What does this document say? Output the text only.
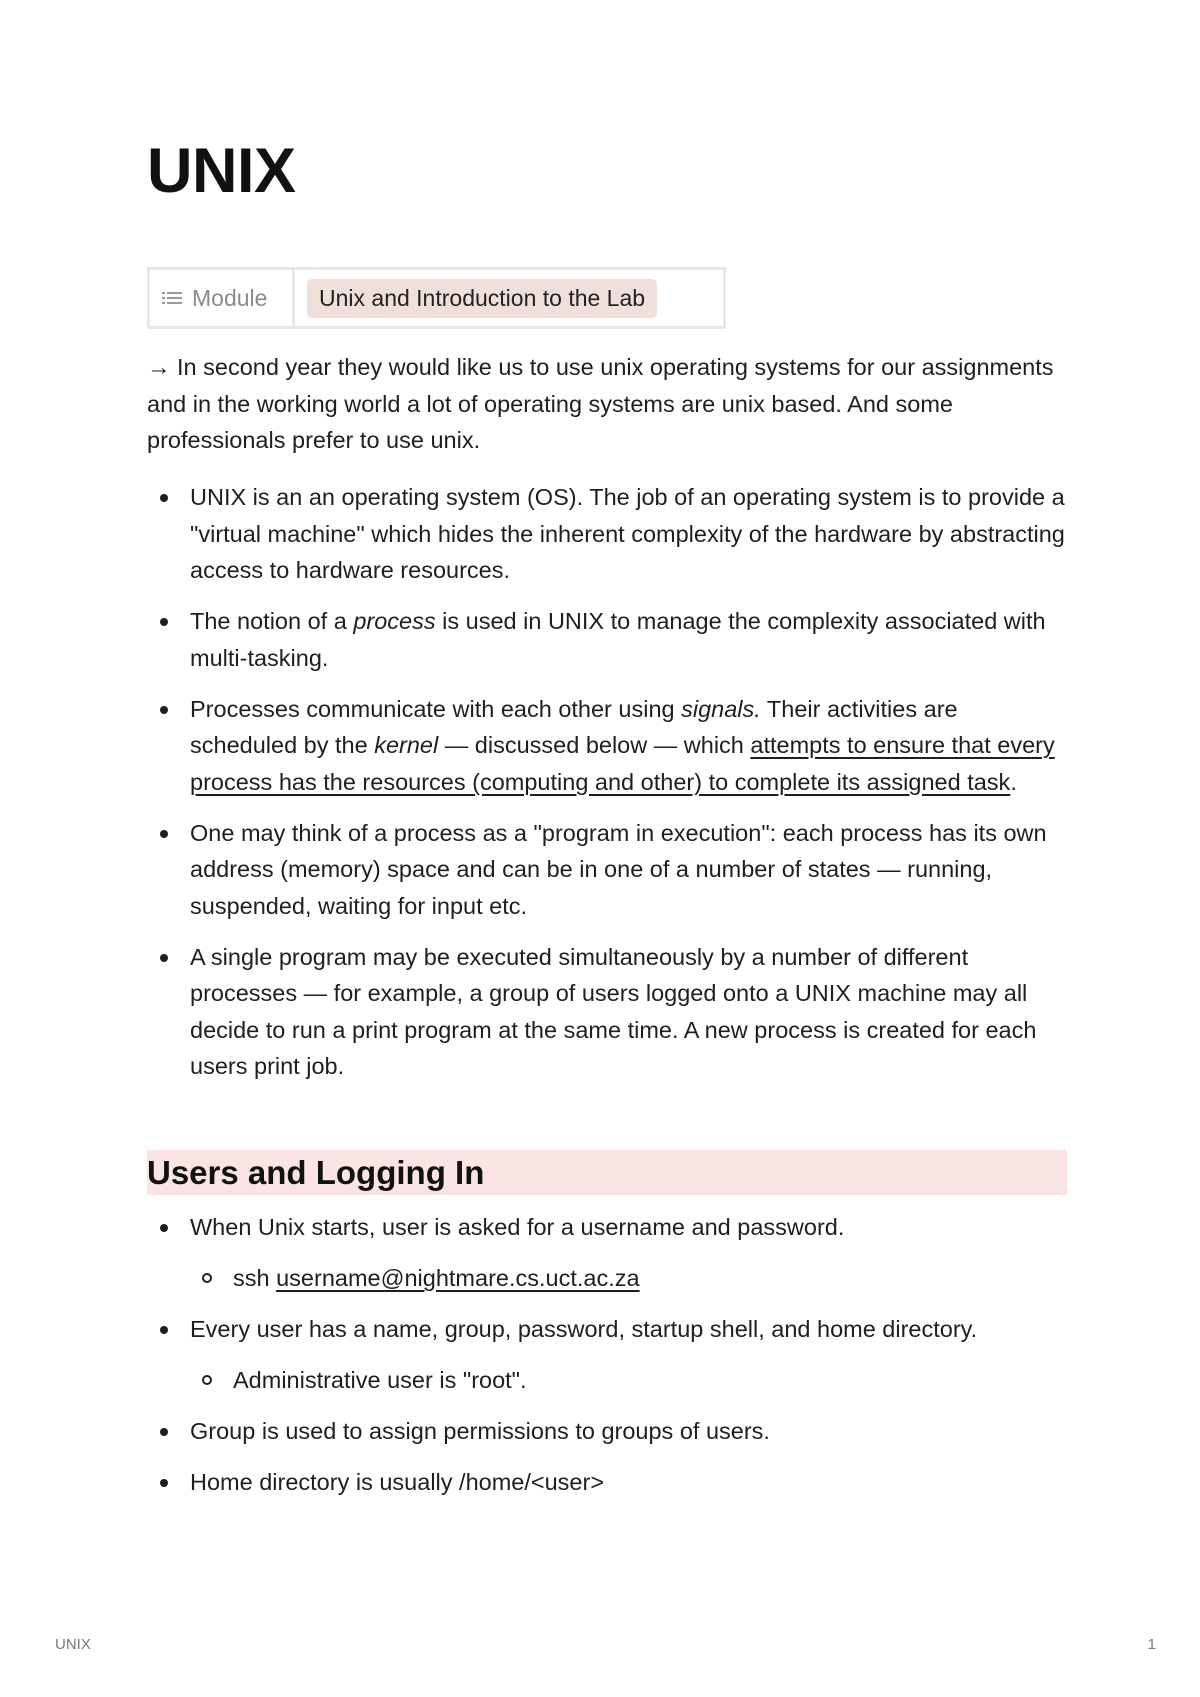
UNIX
Module	Unix and Introduction to the Lab

→ In second year they would like us to use unix operating systems for our assignments and in the working world a lot of operating systems are unix based. And some professionals prefer to use unix.

UNIX is an an operating system (OS). The job of an operating system is to provide a "virtual machine" which hides the inherent complexity of the hardware by abstracting access to hardware resources.
The notion of a process is used in UNIX to manage the complexity associated with multi-tasking.
Processes communicate with each other using signals. Their activities are scheduled by the kernel — discussed below — which attempts to ensure that every process has the resources (computing and other) to complete its assigned task.
One may think of a process as a "program in execution": each process has its own address (memory) space and can be in one of a number of states — running, suspended, waiting for input etc.
A single program may be executed simultaneously by a number of different processes — for example, a group of users logged onto a UNIX machine may all decide to run a print program at the same time. A new process is created for each users print job.
Users and Logging In
When Unix starts, user is asked for a username and password.
ssh username@nightmare.cs.uct.ac.za
Every user has a name, group, password, startup shell, and home directory.
Administrative user is "root".
Group is used to assign permissions to groups of users.
Home directory is usually /home/<user>
UNIX	1
